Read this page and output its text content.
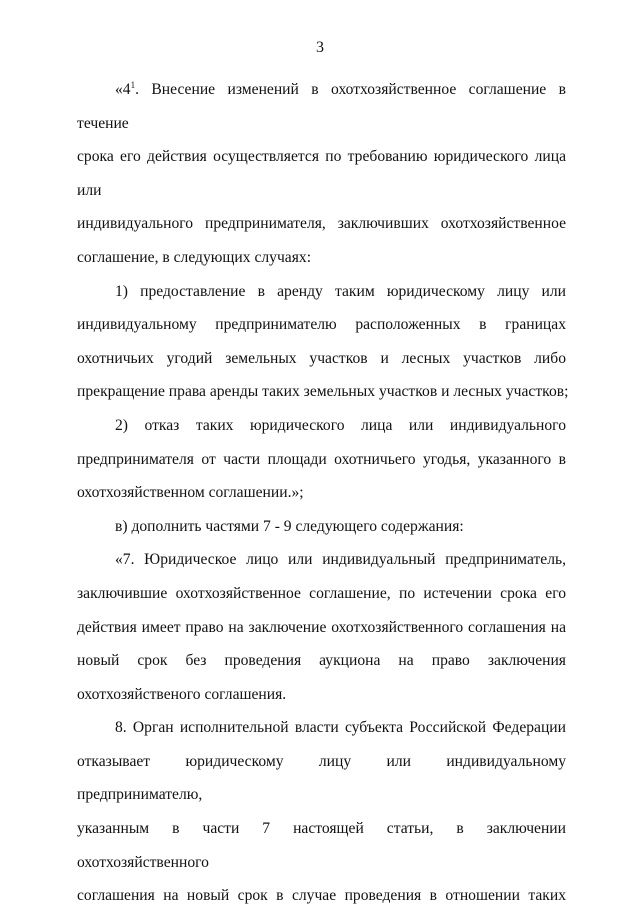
3

«$4^1$. Внесение изменений в охотхозяйственное соглашение в течение
срока его действия осуществляется по требованию юридического лица или
индивидуального предпринимателя, заключивших охотхозяйственное
соглашение, в следующих случаях:

1) предоставление в аренду таким юридическому лицу или
индивидуальному предпринимателю расположенных в границах
охотничьих угодий земельных участков и лесных участков либо
прекращение права аренды таких земельных участков и лесных участков;

2) отказ таких юридического лица или индивидуального
предпринимателя от части площади охотничьего угодья, указанного в
охотхозяйственном соглашении.»;

в) дополнить частями 7 - 9 следующего содержания:

«7. Юридическое лицо или индивидуальный предприниматель,
заключившие охотхозяйственное соглашение, по истечении срока его
действия имеет право на заключение охотхозяйственного соглашения на
новый срок без проведения аукциона на право заключения
охотхозяйственого соглашения.

8. Орган исполнительной власти субъекта Российской Федерации
отказывает юридическому лицу или индивидуальному предпринимателю,
указанным в части 7 настоящей статьи, в заключении охотхозяйственного
соглашения на новый срок в случае проведения в отношении таких
